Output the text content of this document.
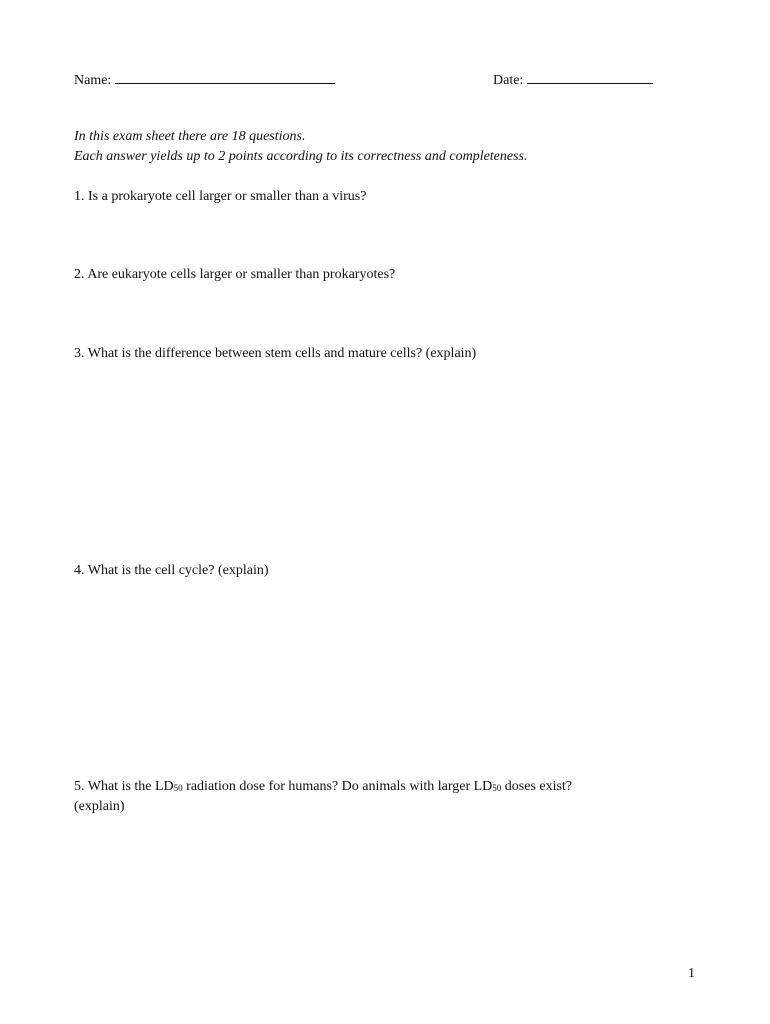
Name:	Date:
In this exam sheet there are 18 questions.
Each answer yields up to 2 points according to its correctness and completeness.
1. Is a prokaryote cell larger or smaller than a virus?
2. Are eukaryote cells larger or smaller than prokaryotes?
3. What is the difference between stem cells and mature cells? (explain)
4. What is the cell cycle? (explain)
5. What is the $LD_{50}$ radiation dose for humans? Do animals with larger $LD_{50}$ doses exist?
(explain)
1
